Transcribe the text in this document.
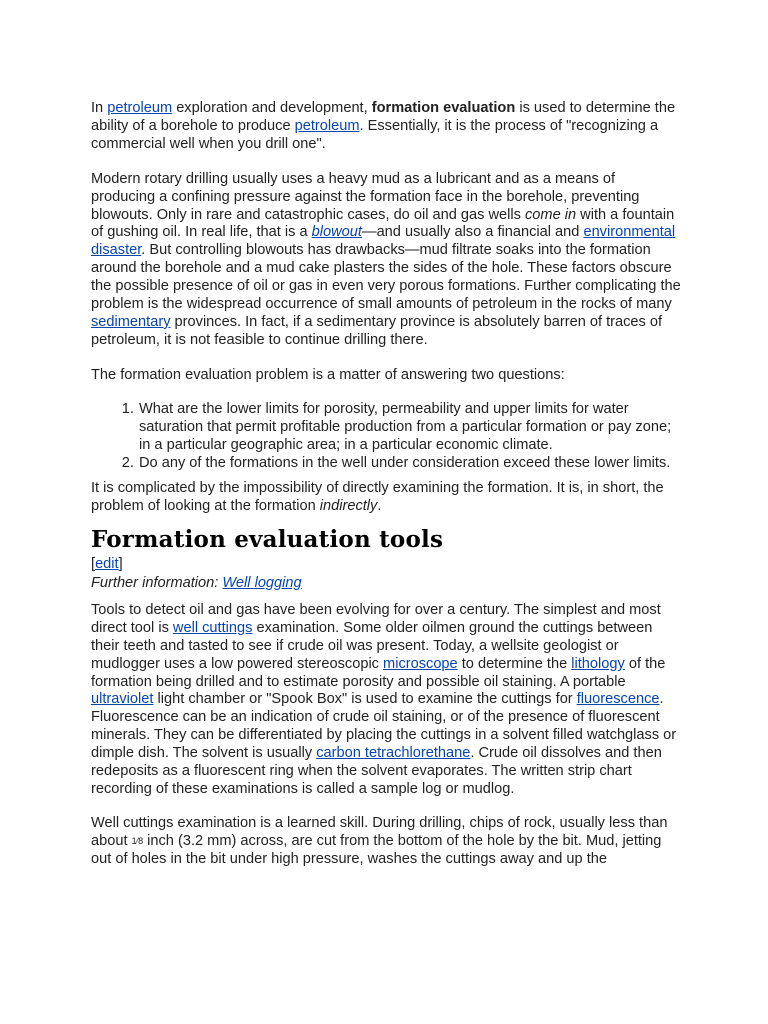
In petroleum exploration and development, formation evaluation is used to determine the ability of a borehole to produce petroleum. Essentially, it is the process of "recognizing a commercial well when you drill one".

Modern rotary drilling usually uses a heavy mud as a lubricant and as a means of producing a confining pressure against the formation face in the borehole, preventing blowouts. Only in rare and catastrophic cases, do oil and gas wells come in with a fountain of gushing oil. In real life, that is a blowout—and usually also a financial and environmental disaster. But controlling blowouts has drawbacks—mud filtrate soaks into the formation around the borehole and a mud cake plasters the sides of the hole. These factors obscure the possible presence of oil or gas in even very porous formations. Further complicating the problem is the widespread occurrence of small amounts of petroleum in the rocks of many sedimentary provinces. In fact, if a sedimentary province is absolutely barren of traces of petroleum, it is not feasible to continue drilling there.

The formation evaluation problem is a matter of answering two questions:

1. What are the lower limits for porosity, permeability and upper limits for water saturation that permit profitable production from a particular formation or pay zone; in a particular geographic area; in a particular economic climate.
2. Do any of the formations in the well under consideration exceed these lower limits.

It is complicated by the impossibility of directly examining the formation. It is, in short, the problem of looking at the formation indirectly.

Formation evaluation tools
[edit]
Further information: Well logging

Tools to detect oil and gas have been evolving for over a century. The simplest and most direct tool is well cuttings examination. Some older oilmen ground the cuttings between their teeth and tasted to see if crude oil was present. Today, a wellsite geologist or mudlogger uses a low powered stereoscopic microscope to determine the lithology of the formation being drilled and to estimate porosity and possible oil staining. A portable ultraviolet light chamber or "Spook Box" is used to examine the cuttings for fluorescence. Fluorescence can be an indication of crude oil staining, or of the presence of fluorescent minerals. They can be differentiated by placing the cuttings in a solvent filled watchglass or dimple dish. The solvent is usually carbon tetrachlorethane. Crude oil dissolves and then redeposits as a fluorescent ring when the solvent evaporates. The written strip chart recording of these examinations is called a sample log or mudlog.

Well cuttings examination is a learned skill. During drilling, chips of rock, usually less than about 1⁄8 inch (3.2 mm) across, are cut from the bottom of the hole by the bit. Mud, jetting out of holes in the bit under high pressure, washes the cuttings away and up the
